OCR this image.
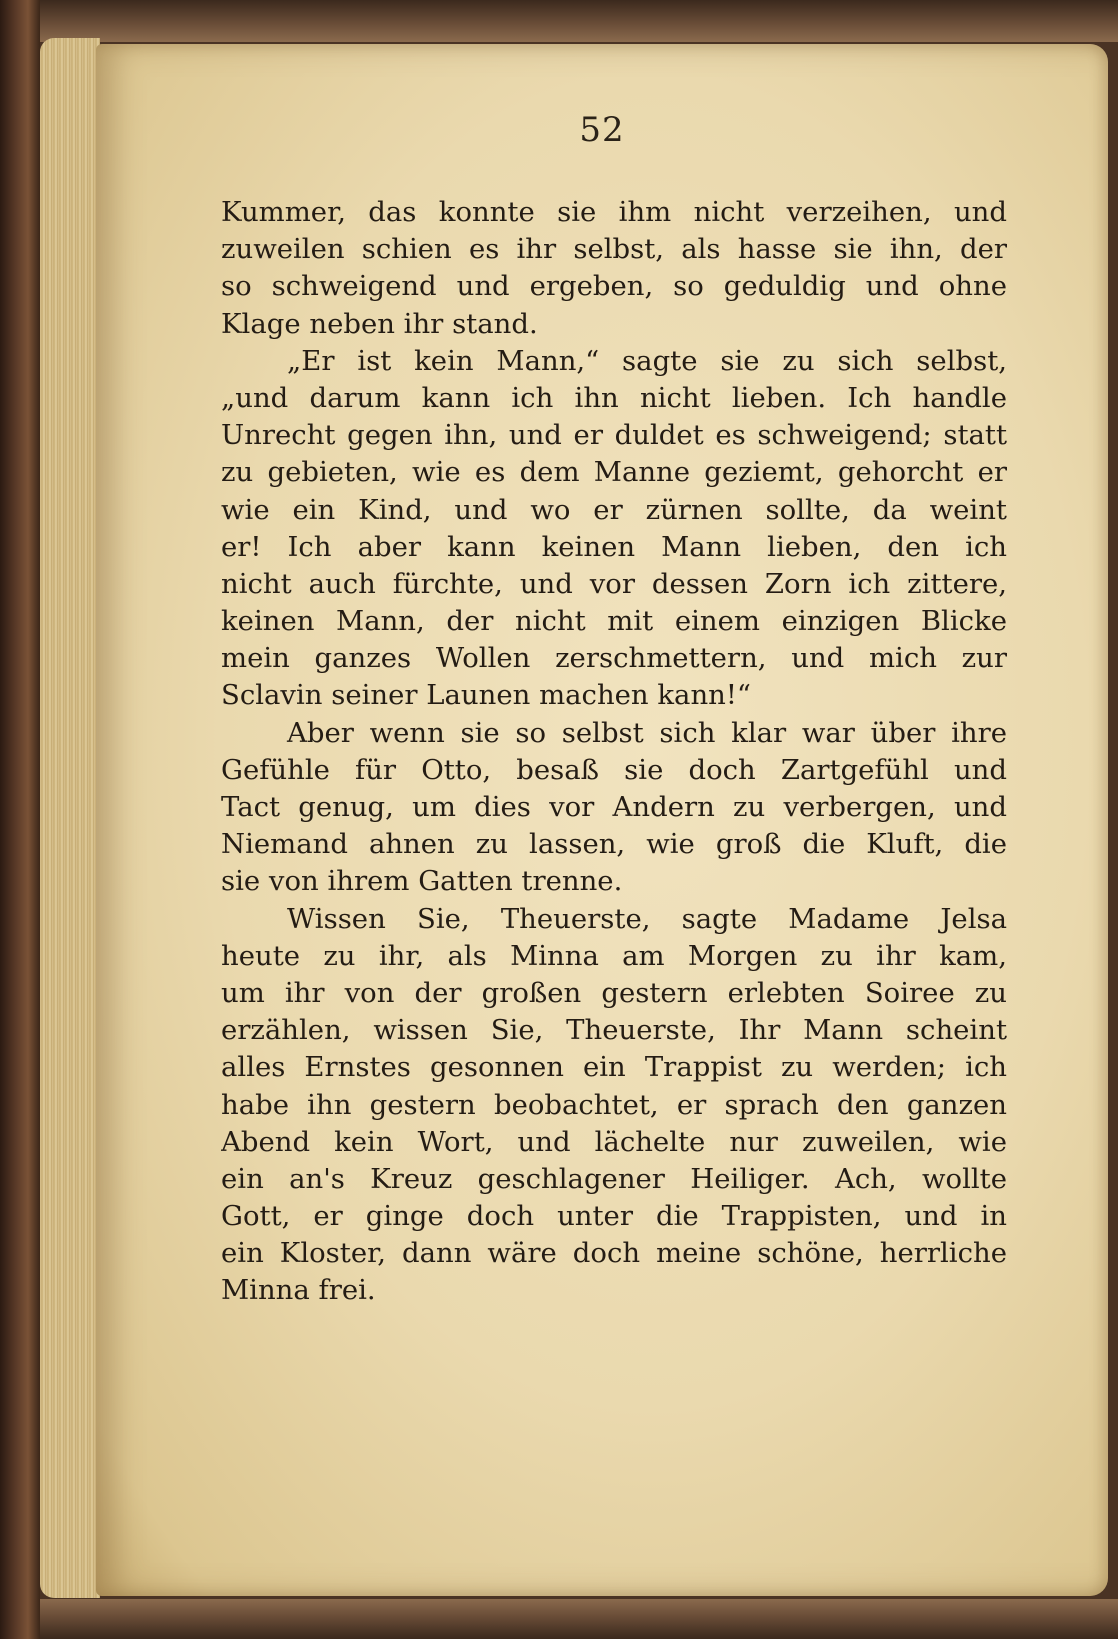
52
Kummer, das konnte sie ihm nicht verzeihen, und
zuweilen schien es ihr selbst, als hasse sie ihn, der
so schweigend und ergeben, so geduldig und ohne
Klage neben ihr stand.
„Er ist kein Mann,“ sagte sie zu sich selbst,
„und darum kann ich ihn nicht lieben. Ich handle
Unrecht gegen ihn, und er duldet es schweigend; statt
zu gebieten, wie es dem Manne geziemt, gehorcht er
wie ein Kind, und wo er zürnen sollte, da weint
er! Ich aber kann keinen Mann lieben, den ich
nicht auch fürchte, und vor dessen Zorn ich zittere,
keinen Mann, der nicht mit einem einzigen Blicke
mein ganzes Wollen zerschmettern, und mich zur
Sclavin seiner Launen machen kann!“
Aber wenn sie so selbst sich klar war über ihre
Gefühle für Otto, besaß sie doch Zartgefühl und
Tact genug, um dies vor Andern zu verbergen, und
Niemand ahnen zu lassen, wie groß die Kluft, die
sie von ihrem Gatten trenne.
Wissen Sie, Theuerste, sagte Madame Jelsa
heute zu ihr, als Minna am Morgen zu ihr kam,
um ihr von der großen gestern erlebten Soiree zu
erzählen, wissen Sie, Theuerste, Ihr Mann scheint
alles Ernstes gesonnen ein Trappist zu werden; ich
habe ihn gestern beobachtet, er sprach den ganzen
Abend kein Wort, und lächelte nur zuweilen, wie
ein an's Kreuz geschlagener Heiliger. Ach, wollte
Gott, er ginge doch unter die Trappisten, und in
ein Kloster, dann wäre doch meine schöne, herrliche
Minna frei.
